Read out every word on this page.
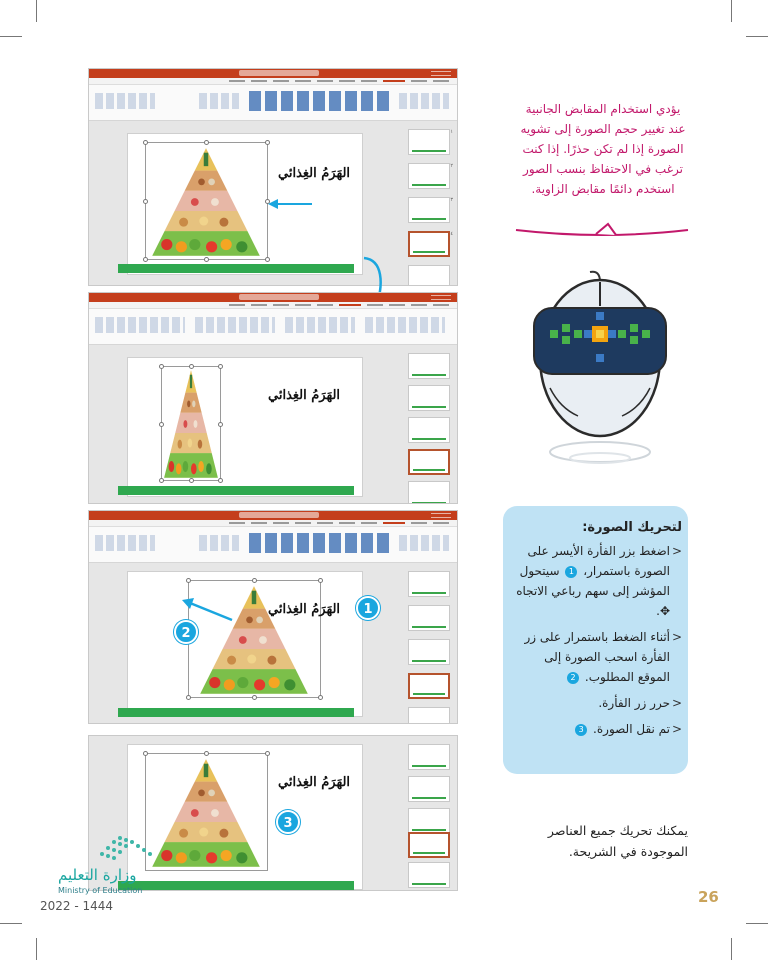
الهَرَمُ الغِذائي
١
٢
٣
٤
الهَرَمُ الغِذائي
الهَرَمُ الغِذائي	1
2
الهَرَمُ الغِذائي
3
يؤدي استخدام المقابض الجانبية عند تغيير حجم الصورة إلى تشويه الصورة إذا لم تكن حذرًا. إذا كنت ترغب في الاحتفاظ بنسب الصور استخدم دائمًا مقابض الزاوية.
لتحريك الصورة:
<
اضغط بزر الفأرة الأيسر على الصورة باستمرار، 1 سيتحول المؤشر إلى سهم رباعي الاتجاه ✥.
<
أثناء الضغط باستمرار على زر الفأرة اسحب الصورة إلى الموقع المطلوب. 2
<
حرر زر الفأرة.
<
تم نقل الصورة. 3
يمكنك تحريك جميع العناصر الموجودة في الشريحة.
وزارة التعليم
Ministry of Education
2022 - 1444	26
